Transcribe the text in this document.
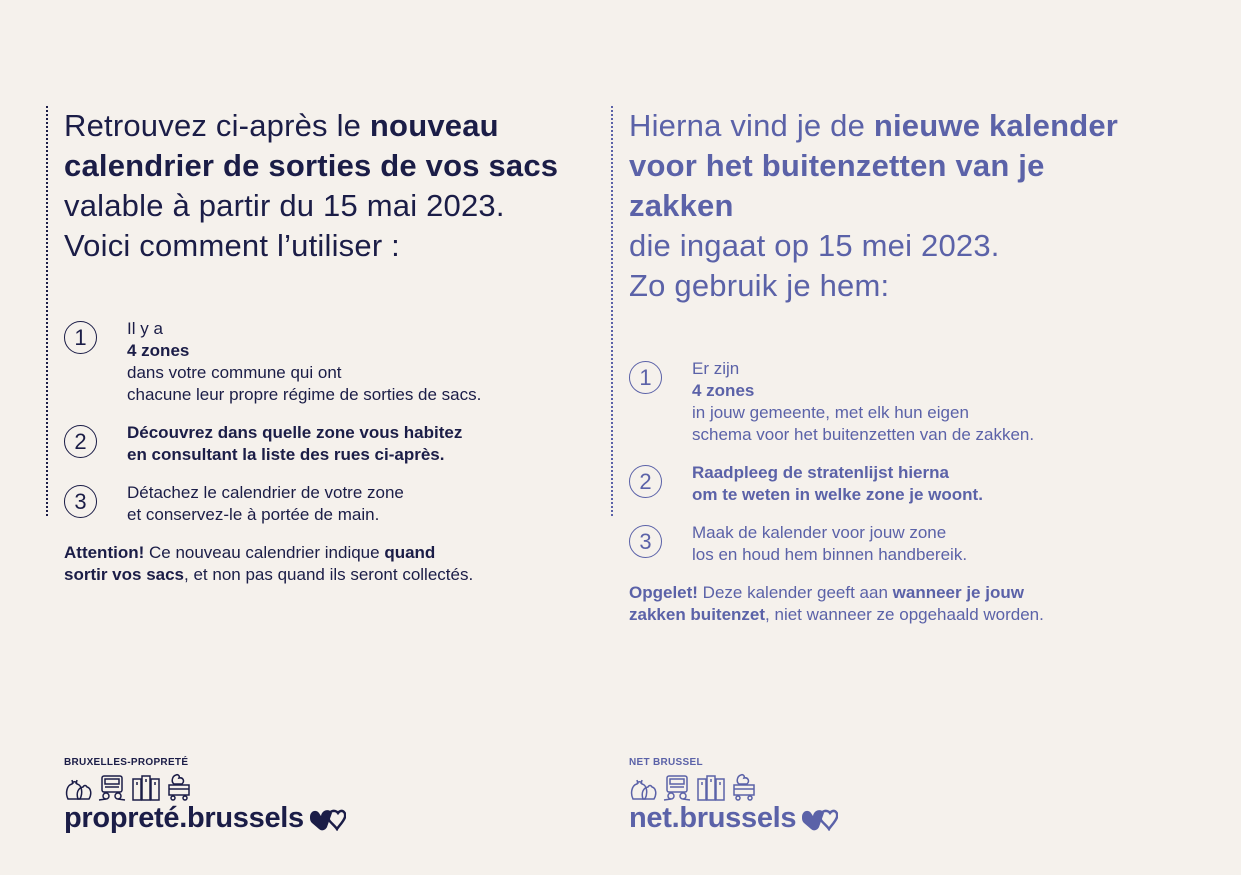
Retrouvez ci-après le nouveau
calendrier de sorties de vos sacs
valable à partir du 15 mai 2023.
Voici comment l’utiliser :
1	Il y a
4 zones
dans votre commune qui ont
chacune leur propre régime de sorties de sacs.
2	Découvrez dans quelle zone vous habitez
en consultant la liste des rues ci-après.
3	Détachez le calendrier de votre zone
et conservez-le à portée de main.
Attention! Ce nouveau calendrier indique quand
sortir vos sacs, et non pas quand ils seront collectés.
Hierna vind je de nieuwe kalender
voor het buitenzetten van je zakken
die ingaat op 15 mei 2023.
Zo gebruik je hem:
1	Er zijn
4 zones
in jouw gemeente, met elk hun eigen
schema voor het buitenzetten van de zakken.
2	Raadpleeg de stratenlijst hierna
om te weten in welke zone je woont.
3	Maak de kalender voor jouw zone
los en houd hem binnen handbereik.
Opgelet! Deze kalender geeft aan wanneer je jouw
zakken buitenzet, niet wanneer ze opgehaald worden.
BRUXELLES-PROPRETÉ
propreté.brussels
NET BRUSSEL
net.brussels
